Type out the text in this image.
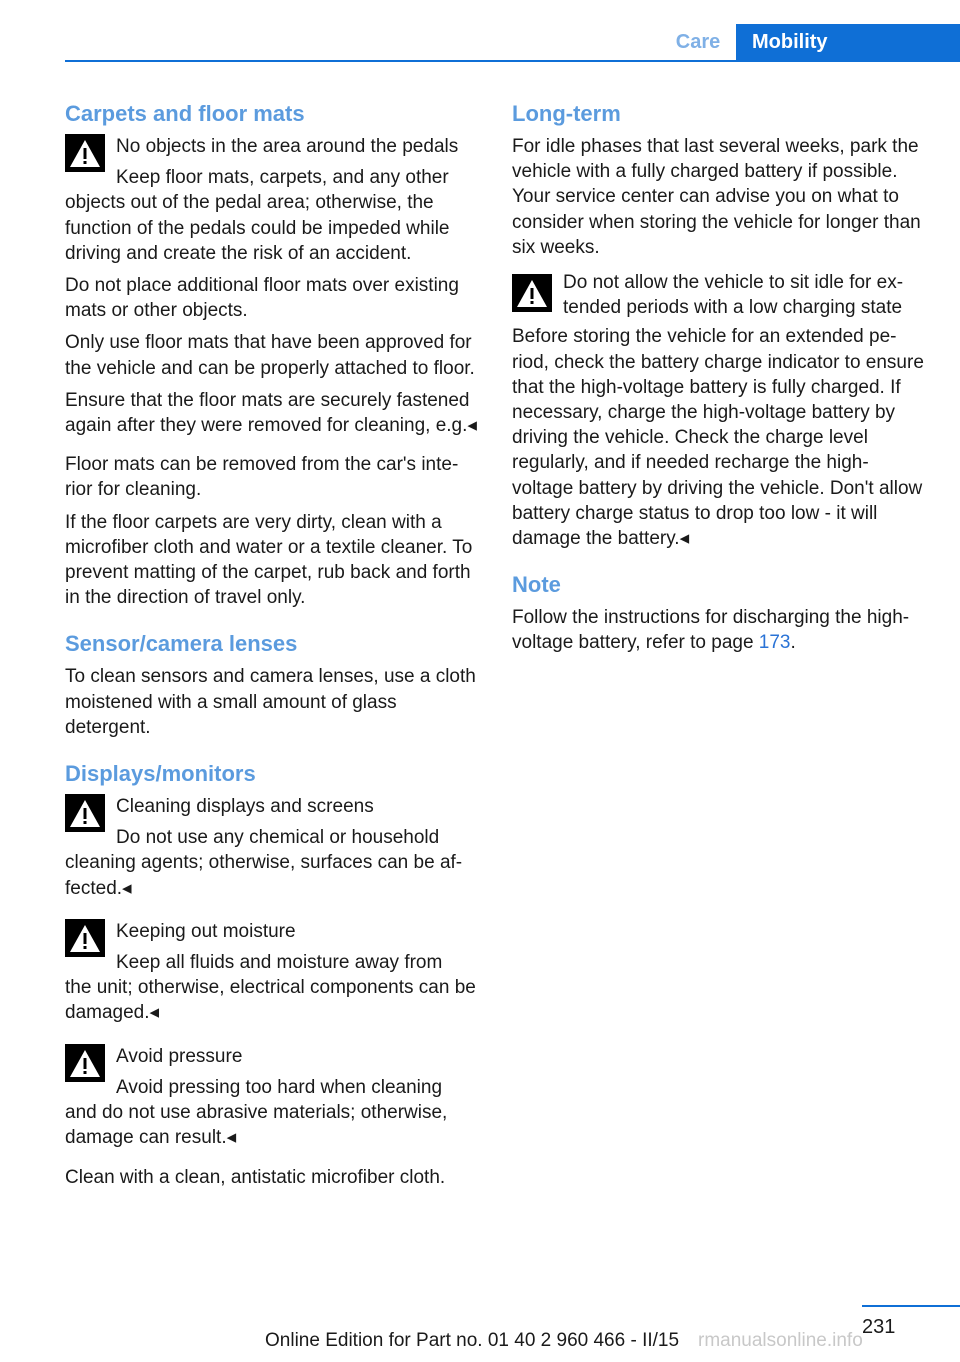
Care	Mobility
Carpets and floor mats
No objects in the area around the pedals

Keep floor mats, carpets, and any other

objects out of the pedal area; otherwise, the function of the pedals could be impeded while driving and create the risk of an accident.

Do not place additional floor mats over existing mats or other objects.

Only use floor mats that have been approved for the vehicle and can be properly attached to floor.

Ensure that the floor mats are securely fastened again after they were removed for cleaning, e.g.◂

Floor mats can be removed from the car's interior for cleaning.

If the floor carpets are very dirty, clean with a microfiber cloth and water or a textile cleaner. To prevent matting of the carpet, rub back and forth in the direction of travel only.

Sensor/camera lenses

To clean sensors and camera lenses, use a cloth moistened with a small amount of glass detergent.

Displays/monitors
Cleaning displays and screens

Do not use any chemical or household

cleaning agents; otherwise, surfaces can be affected.◂

Keeping out moisture

Keep all fluids and moisture away from

the unit; otherwise, electrical components can be damaged.◂

Avoid pressure

Avoid pressing too hard when cleaning

and do not use abrasive materials; otherwise, damage can result.◂

Clean with a clean, antistatic microfiber cloth.

Long-term

For idle phases that last several weeks, park the vehicle with a fully charged battery if possible. Your service center can advise you on what to consider when storing the vehicle for longer than six weeks.

Do not allow the vehicle to sit idle for extended periods with a low charging state

Before storing the vehicle for an extended period, check the battery charge indicator to ensure that the high-voltage battery is fully charged. If necessary, charge the high-voltage battery by driving the vehicle. Check the charge level regularly, and if needed recharge the high-voltage battery by driving the vehicle. Don't allow battery charge status to drop too low - it will damage the battery.◂

Note

Follow the instructions for discharging the high-voltage battery, refer to page 173.

231
Online Edition for Part no. 01 40 2 960 466 - II/15 rmanualsonline.info
